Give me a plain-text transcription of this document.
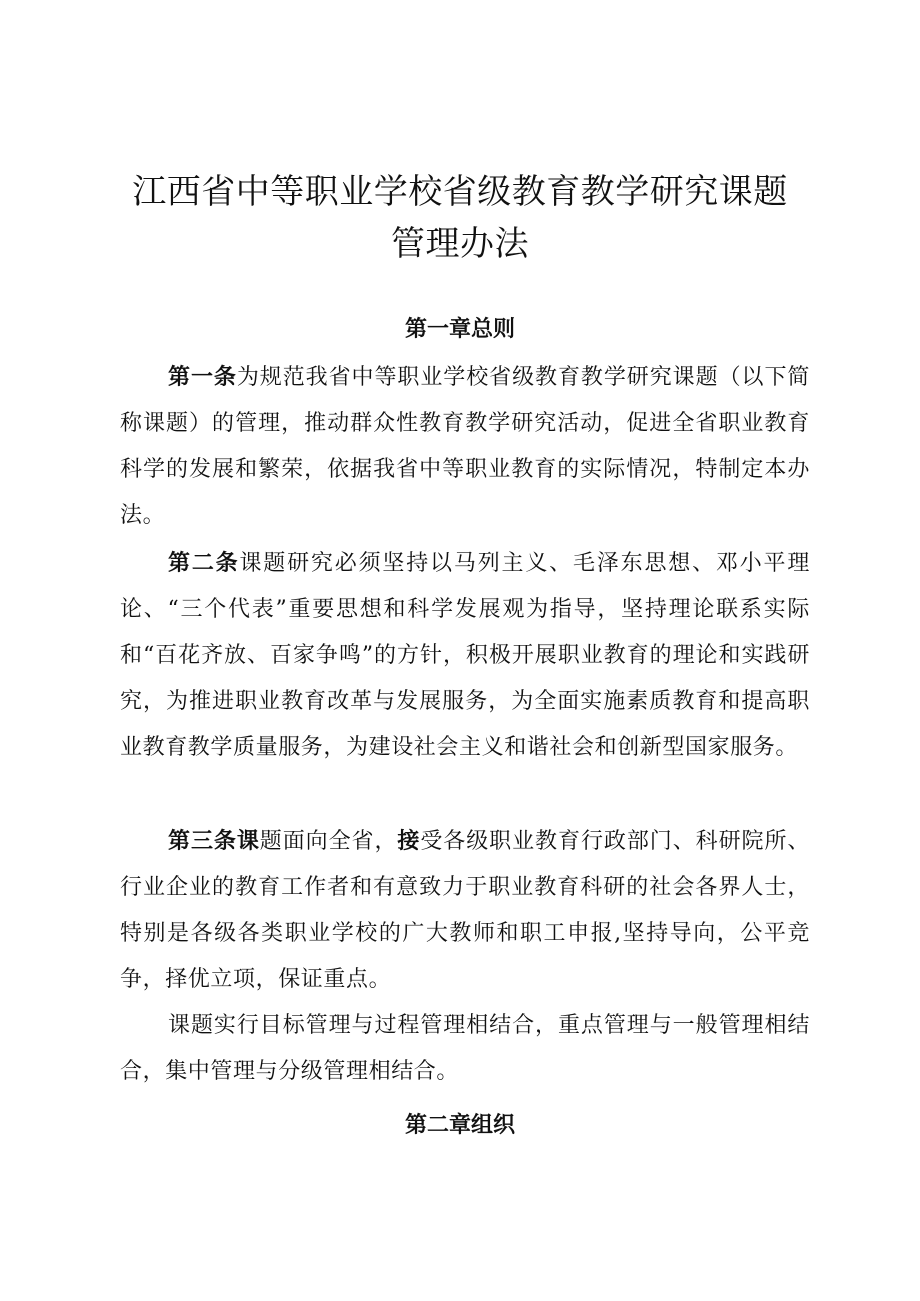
江西省中等职业学校省级教育教学研究课题
管理办法
第一章总则

第一条为规范我省中等职业学校省级教育教学研究课题（以下简称课题）的管理，推动群众性教育教学研究活动，促进全省职业教育科学的发展和繁荣，依据我省中等职业教育的实际情况，特制定本办法。

第二条课题研究必须坚持以马列主义、毛泽东思想、邓小平理论、“三个代表”重要思想和科学发展观为指导，坚持理论联系实际和“百花齐放、百家争鸣”的方针，积极开展职业教育的理论和实践研究，为推进职业教育改革与发展服务，为全面实施素质教育和提高职业教育教学质量服务，为建设社会主义和谐社会和创新型国家服务。

第三条课题面向全省，接受各级职业教育行政部门、科研院所、行业企业的教育工作者和有意致力于职业教育科研的社会各界人士，特别是各级各类职业学校的广大教师和职工申报,坚持导向，公平竞争，择优立项，保证重点。

课题实行目标管理与过程管理相结合，重点管理与一般管理相结合，集中管理与分级管理相结合。

第二章组织
